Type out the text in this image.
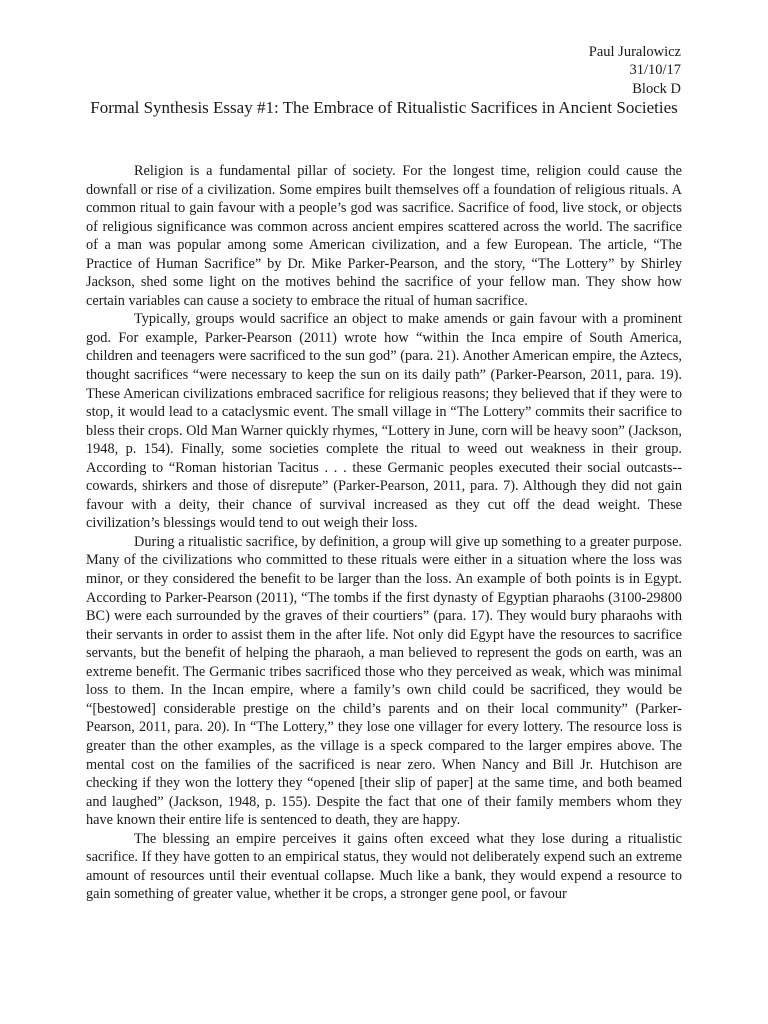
Paul Juralowicz
31/10/17
Block D
Formal Synthesis Essay #1: The Embrace of Ritualistic Sacrifices in Ancient Societies

Religion is a fundamental pillar of society. For the longest time, religion could cause the downfall or rise of a civilization. Some empires built themselves off a foundation of religious rituals. A common ritual to gain favour with a people’s god was sacrifice. Sacrifice of food, live stock, or objects of religious significance was common across ancient empires scattered across the world. The sacrifice of a man was popular among some American civilization, and a few European. The article, “The Practice of Human Sacrifice” by Dr. Mike Parker-Pearson, and the story, “The Lottery” by Shirley Jackson, shed some light on the motives behind the sacrifice of your fellow man. They show how certain variables can cause a society to embrace the ritual of human sacrifice.

Typically, groups would sacrifice an object to make amends or gain favour with a prominent god. For example, Parker-Pearson (2011) wrote how “within the Inca empire of South America, children and teenagers were sacrificed to the sun god” (para. 21). Another American empire, the Aztecs, thought sacrifices “were necessary to keep the sun on its daily path” (Parker-Pearson, 2011, para. 19). These American civilizations embraced sacrifice for religious reasons; they believed that if they were to stop, it would lead to a cataclysmic event. The small village in “The Lottery” commits their sacrifice to bless their crops. Old Man Warner quickly rhymes, “Lottery in June, corn will be heavy soon” (Jackson, 1948, p. 154). Finally, some societies complete the ritual to weed out weakness in their group. According to “Roman historian Tacitus . . . these Germanic peoples executed their social outcasts--cowards, shirkers and those of disrepute” (Parker-Pearson, 2011, para. 7). Although they did not gain favour with a deity, their chance of survival increased as they cut off the dead weight. These civilization’s blessings would tend to out weigh their loss.

During a ritualistic sacrifice, by definition, a group will give up something to a greater purpose. Many of the civilizations who committed to these rituals were either in a situation where the loss was minor, or they considered the benefit to be larger than the loss. An example of both points is in Egypt. According to Parker-Pearson (2011), “The tombs if the first dynasty of Egyptian pharaohs (3100-29800 BC) were each surrounded by the graves of their courtiers” (para. 17). They would bury pharaohs with their servants in order to assist them in the after life. Not only did Egypt have the resources to sacrifice servants, but the benefit of helping the pharaoh, a man believed to represent the gods on earth, was an extreme benefit. The Germanic tribes sacrificed those who they perceived as weak, which was minimal loss to them. In the Incan empire, where a family’s own child could be sacrificed, they would be “[bestowed] considerable prestige on the child’s parents and on their local community” (Parker-Pearson, 2011, para. 20). In “The Lottery,” they lose one villager for every lottery. The resource loss is greater than the other examples, as the village is a speck compared to the larger empires above. The mental cost on the families of the sacrificed is near zero. When Nancy and Bill Jr. Hutchison are checking if they won the lottery they “opened [their slip of paper] at the same time, and both beamed and laughed” (Jackson, 1948, p. 155). Despite the fact that one of their family members whom they have known their entire life is sentenced to death, they are happy.

The blessing an empire perceives it gains often exceed what they lose during a ritualistic sacrifice. If they have gotten to an empirical status, they would not deliberately expend such an extreme amount of resources until their eventual collapse. Much like a bank, they would expend a resource to gain something of greater value, whether it be crops, a stronger gene pool, or favour
